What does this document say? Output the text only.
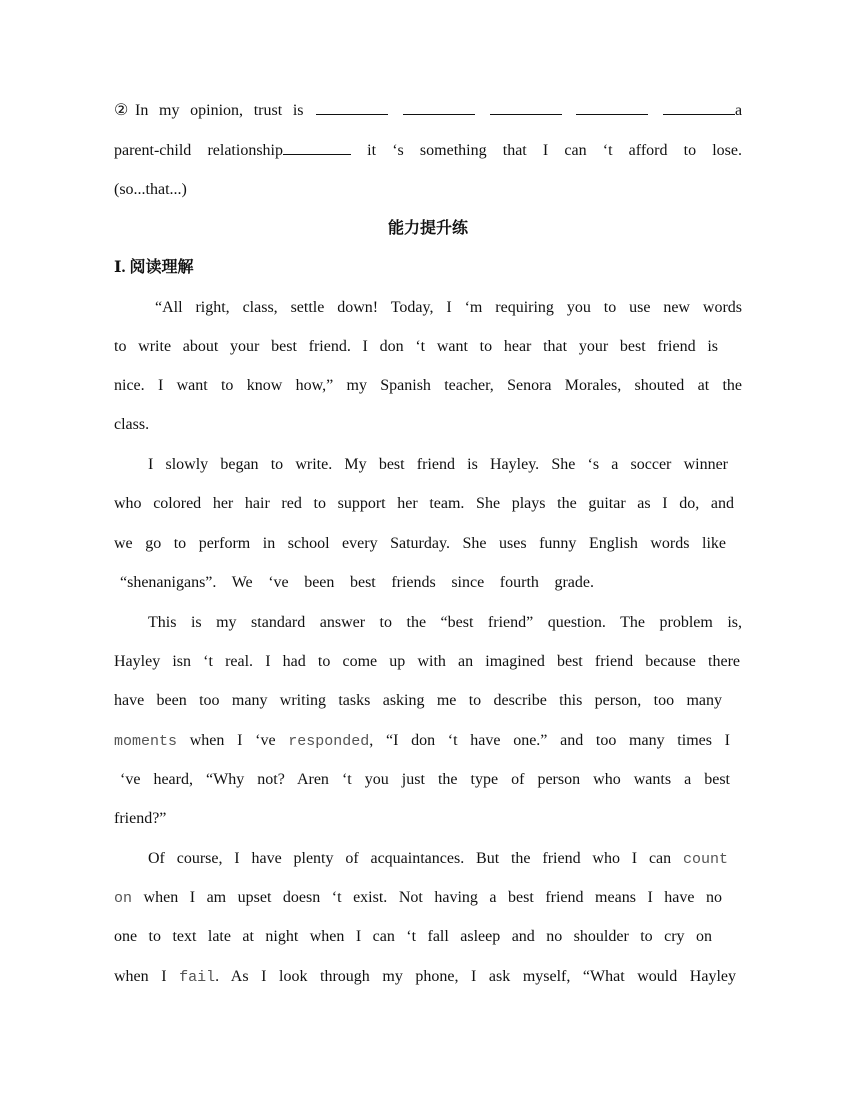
②In my opinion, trust is	a
parent-child relationship	it ‘s something that I can ‘t afford to lose.
(so...that...)
能力提升练
Ⅰ. 阅读理解
“All right, class, settle down! Today, I ‘m requiring you to use new words
to write about your best friend. I don ‘t want to hear that your best friend is
nice. I want to know how,” my Spanish teacher, Senora Morales, shouted at the
class.
I slowly began to write. My best friend is Hayley. She ‘s a soccer winner
who colored her hair red to support her team. She plays the guitar as I do, and
we go to perform in school every Saturday. She uses funny English words like
“shenanigans”. We ‘ve been best friends since fourth grade.
This is my standard answer to the “best friend” question. The problem is,
Hayley isn ‘t real. I had to come up with an imagined best friend because there
have been too many writing tasks asking me to describe this person, too many
moments when I ‘ve responded, “I don ‘t have one.” and too many times I
‘ve heard, “Why not? Aren ‘t you just the type of person who wants a best
friend?”
Of course, I have plenty of acquaintances. But the friend who I can count
on when I am upset doesn ‘t exist. Not having a best friend means I have no
one to text late at night when I can ‘t fall asleep and no shoulder to cry on
when I fail. As I look through my phone, I ask myself, “What would Hayley
